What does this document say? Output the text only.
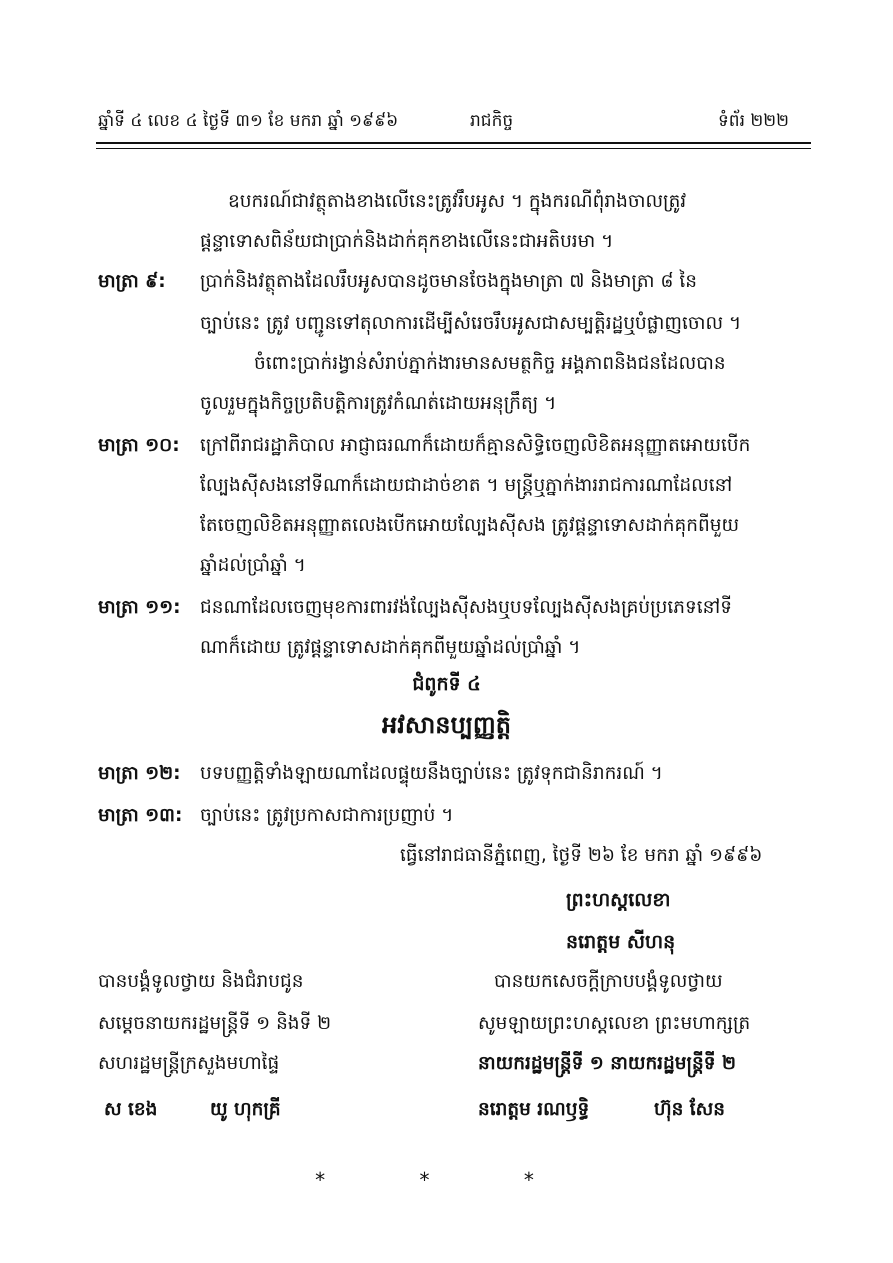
ឆ្នាំទី ៤ លេខ ៤ ថ្ងៃទី ៣១ ខែ មករា ឆ្នាំ ១៩៩៦	រាជកិច្ច	ទំព័រ ២២២
ឧបករណ៍ជាវត្ថុតាងខាងលើនេះត្រូវរឹបអូស ។ ក្នុងករណីពុំរាងចាលត្រូវ
ផ្តន្ទាទោសពិន័យជាប្រាក់និងដាក់គុកខាងលើនេះជាអតិបរមា ។
មាត្រា ៩: ប្រាក់និងវត្ថុតាងដែលរឹបអូសបានដូចមានចែងក្នុងមាត្រា ៧ និងមាត្រា ៨ នៃ
ច្បាប់នេះ ត្រូវ បញ្ជូនទៅតុលាការដើម្បីសំរេចរឹបអូសជាសម្បត្តិរដ្ឋឬបំផ្លាញចោល ។
ចំពោះប្រាក់រង្វាន់សំរាប់ភ្នាក់ងារមានសមត្ថកិច្ច អង្គភាពនិងជនដែលបាន
ចូលរួមក្នុងកិច្ចប្រតិបត្តិការត្រូវកំណត់ដោយអនុក្រឹត្យ ។
មាត្រា ១០: ក្រៅពីរាជរដ្ឋាភិបាល អាជ្ញាធរណាក៏ដោយក៏គ្មានសិទ្ធិចេញលិខិតអនុញ្ញាតអោយបើក
ល្បែងស៊ីសងនៅទីណាក៏ដោយជាដាច់ខាត ។ មន្ត្រីឬភ្នាក់ងាររាជការណាដែលនៅ
តែចេញលិខិតអនុញ្ញាតលេងបើកអោយល្បែងស៊ីសង ត្រូវផ្តន្ទាទោសដាក់គុកពីមួយ
ឆ្នាំដល់ប្រាំឆ្នាំ ។
មាត្រា ១១: ជនណាដែលចេញមុខការពារវង់ល្បែងស៊ីសងឬបទល្បែងស៊ីសងគ្រប់ប្រភេទនៅទី
ណាក៏ដោយ ត្រូវផ្តន្ទាទោសដាក់គុកពីមួយឆ្នាំដល់ប្រាំឆ្នាំ ។
ជំពូកទី ៤
អវសានប្បញ្ញត្តិ
មាត្រា ១២: បទបញ្ញត្តិទាំងឡាយណាដែលផ្ទុយនឹងច្បាប់នេះ ត្រូវទុកជានិរាករណ៍ ។
មាត្រា ១៣: ច្បាប់នេះ ត្រូវប្រកាសជាការប្រញាប់ ។
ធ្វើនៅរាជធានីភ្នំពេញ, ថ្ងៃទី ២៦ ខែ មករា ឆ្នាំ ១៩៩៦
ព្រះហស្តលេខា
នរោត្តម សីហនុ
បានបង្គំទូលថ្វាយ និងជំរាបជូន
សម្តេចនាយករដ្ឋមន្ត្រីទី ១ និងទី ២
សហរដ្ឋមន្ត្រីក្រសួងមហាផ្ទៃ
ស ខេង	យូ ហុកគ្រី
បានយកសេចក្តីក្រាបបង្គំទូលថ្វាយ
សូមឡាយព្រះហស្តលេខា ព្រះមហាក្សត្រ
នាយករដ្ឋមន្ត្រីទី ១ នាយករដ្ឋមន្ត្រីទី ២
នរោត្តម រណឫទ្ធិ	ហ៊ុន សែន
* * *
